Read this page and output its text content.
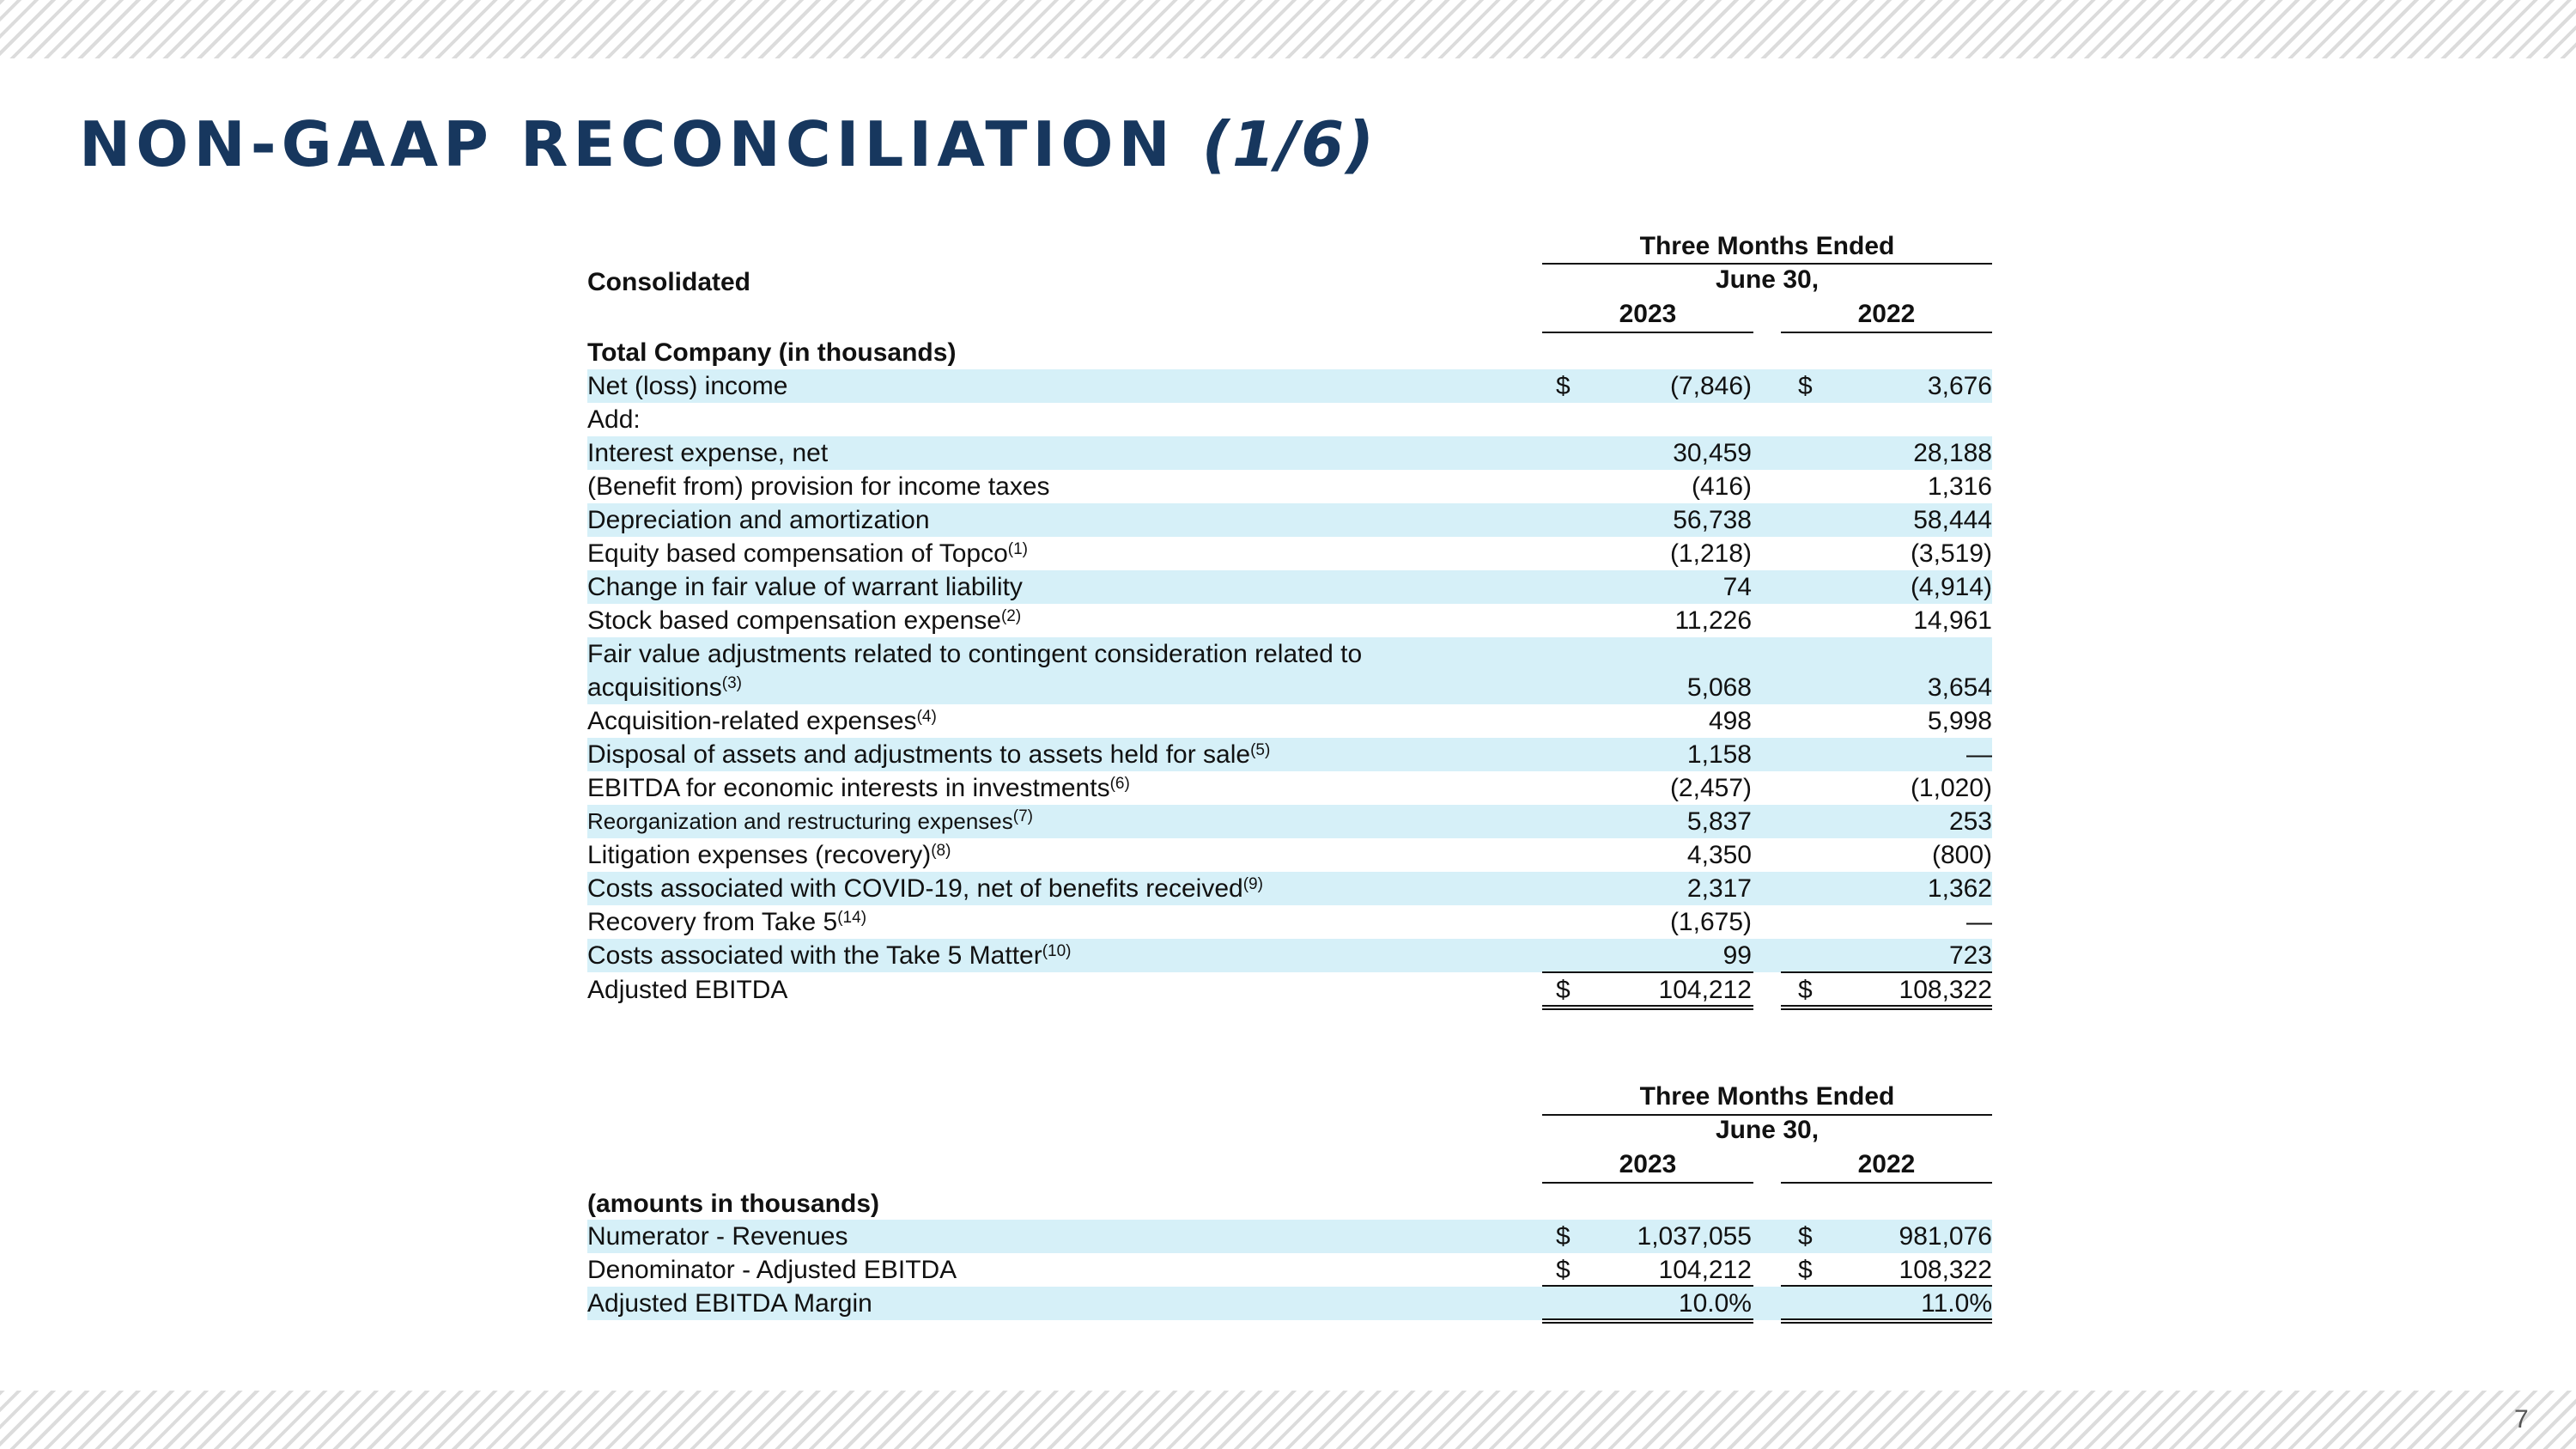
NON-GAAP RECONCILIATION (1/6)
7
Three Months Ended
Consolidated	June 30,
2023	2022
Total Company (in thousands)
Net (loss) income	$	(7,846) $	3,676
Add:
Interest expense, net	30,459	28,188
(Benefit from) provision for income taxes	(416)	1,316
Depreciation and amortization	56,738	58,444
Equity based compensation of Topco$^{(1)}$	(1,218)	(3,519)
Change in fair value of warrant liability	74	(4,914)
Stock based compensation expense$^{(2)}$	11,226	14,961
Fair value adjustments related to contingent consideration related to
acquisitions$^{(3)}$	5,068	3,654
Acquisition-related expenses$^{(4)}$	498	5,998
Disposal of assets and adjustments to assets held for sale$^{(5)}$	1,158	—
EBITDA for economic interests in investments$^{(6)}$	(2,457)	(1,020)
Reorganization and restructuring expenses$^{(7)}$	5,837	253
Litigation expenses (recovery)$^{(8)}$	4,350	(800)
Costs associated with COVID-19, net of benefits received$^{(9)}$	2,317	1,362
Recovery from Take 5$^{(14)}$	(1,675)	—
Costs associated with the Take 5 Matter$^{(10)}$	99	723
Adjusted EBITDA	$	104,212 $	108,322
Three Months Ended
June 30,
2023	2022
(amounts in thousands)
Numerator - Revenues	$	1,037,055 $	981,076
Denominator - Adjusted EBITDA	$	104,212 $	108,322
Adjusted EBITDA Margin	10.0%	11.0%
